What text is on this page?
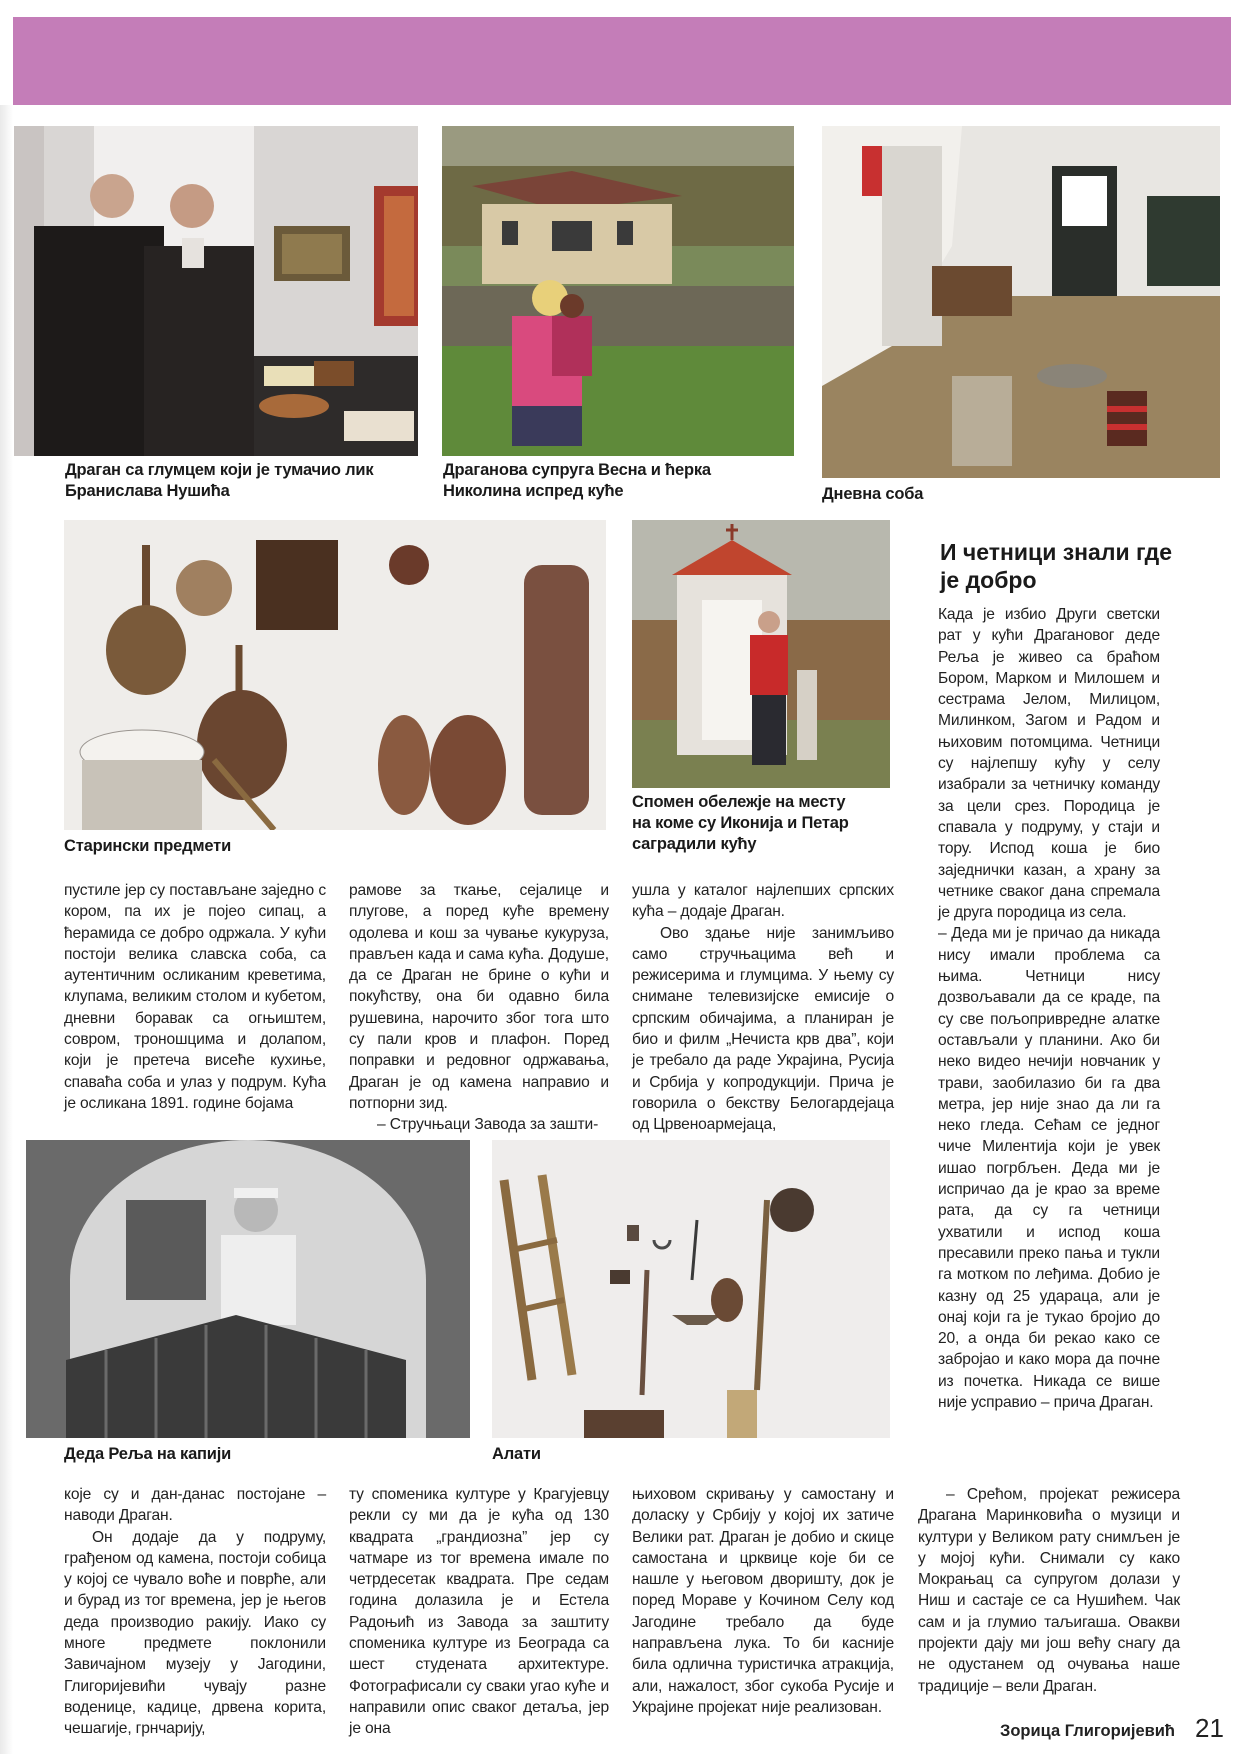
Драган са глумцем који је тумачио лик
Бранислава Нушића
Драганова супруга Весна и ћерка
Николина испред куће	Дневна соба
Старински предмети
Спомен обележје на месту
на коме су Иконија и Петар
саградили кућу

пустиле јер су постављане заједно с кором, па их је појео сипац, а ћерамида се добро одржала. У кући постоји велика славска соба, са аутентичним осликаним креветима, клупама, великим столом и кубетом, дневни боравак са огњиштем, совром, троношцима и долапом, који је претеча висеће кухиње, спаваћа соба и улаз у подрум. Кућа је осликана 1891. године бојама

рамове за ткање, сејалице и плугове, а поред куће времену одолева и кош за чување кукуруза, прављен када и сама кућа. Додуше, да се Драган не брине о кући и покућству, она би одавно била рушевина, нарочито због тога што су пали кров и плафон. Поред поправки и редовног одржавања, Драган је од камена направио и потпорни зид.

– Стручњаци Завода за зашти-

ушла у каталог најлепших српских кућа – додаје Драган.

Ово здање није занимљиво само стручњацима већ и режисерима и глумцима. У њему су снимане телевизијске емисије о српским обичајима, а планиран је био и филм „Нечиста крв два”, који је требало да раде Украјина, Русија и Србија у копродукцији. Прича је говорила о бекству Белогардејаца од Црвеноармејаца,

И четници знали где је добро

Када је избио Други светски рат у кући Драгановог деде Реља је живео са браћом Бором, Марком и Милошем и сестрама Јелом, Милицом, Милинком, Загом и Радом и њиховим потомцима. Четници су најлепшу кућу у селу изабрали за четничку команду за цели срез. Породица је спавала у подруму, у стаји и тору. Испод коша је био заједнички казан, а храну за четнике сваког дана спремала је друга породица из села.

– Деда ми је причао да никада нису имали проблема са њима. Четници нису дозвољавали да се краде, па су све пољопривредне алатке остављали у планини. Ако би неко видео нечији новчаник у трави, заобилазио би га два метра, јер није знао да ли га неко гледа. Сећам се једног чиче Милентија који је увек ишао погрбљен. Деда ми је испричао да је крао за време рата, да су га четници ухватили и испод коша пресавили преко пања и тукли га мотком по леђима. Добио је казну од 25 удараца, али је онај који га је тукао бројио до 20, а онда би рекао како се забројао и како мора да почне из почетка. Никада се више није усправио – прича Драган.

Деда Реља на капији	Алати

које су и дан-данас постојане – наводи Драган.

Он додаје да у подруму, грађеном од камена, постоји собица у којој се чувало воће и поврће, али и бурад из тог времена, јер је његов деда производио ракију. Иако су многе предмете поклонили Завичајном музеју у Јагодини, Глигоријевићи чувају разне воденице, кадице, дрвена корита, чешагије, грнчарију,

ту споменика културе у Крагујевцу рекли су ми да је кућа од 130 квадрата „грандиозна” јер су чатмаре из тог времена имале по четрдесетак квадрата. Пре седам година долазила је и Естела Радоњић из Завода за заштиту споменика културе из Београда са шест студената архитектуре. Фотографисали су сваки угао куће и направили опис сваког детаља, јер је она

њиховом скривању у самостану и доласку у Србију у којој их затиче Велики рат. Драган је добио и скице самостана и црквице које би се нашле у његовом дворишту, док је поред Мораве у Кочином Селу код Јагодине требало да буде направљена лука. То би касније била одлична туристичка атракција, али, нажалост, због сукоба Русије и Украјине пројекат није реализован.

– Срећом, пројекат режисера Драгана Маринковића о музици и култури у Великом рату снимљен је у мојој кући. Снимали су како Мокрањац са супругом долази у Ниш и састаје се са Нушићем. Чак сам и ја глумио таљигаша. Овакви пројекти дају ми још већу снагу да не одустанем од очувања наше традиције – вели Драган.

Зорица Глигоријевић 21
